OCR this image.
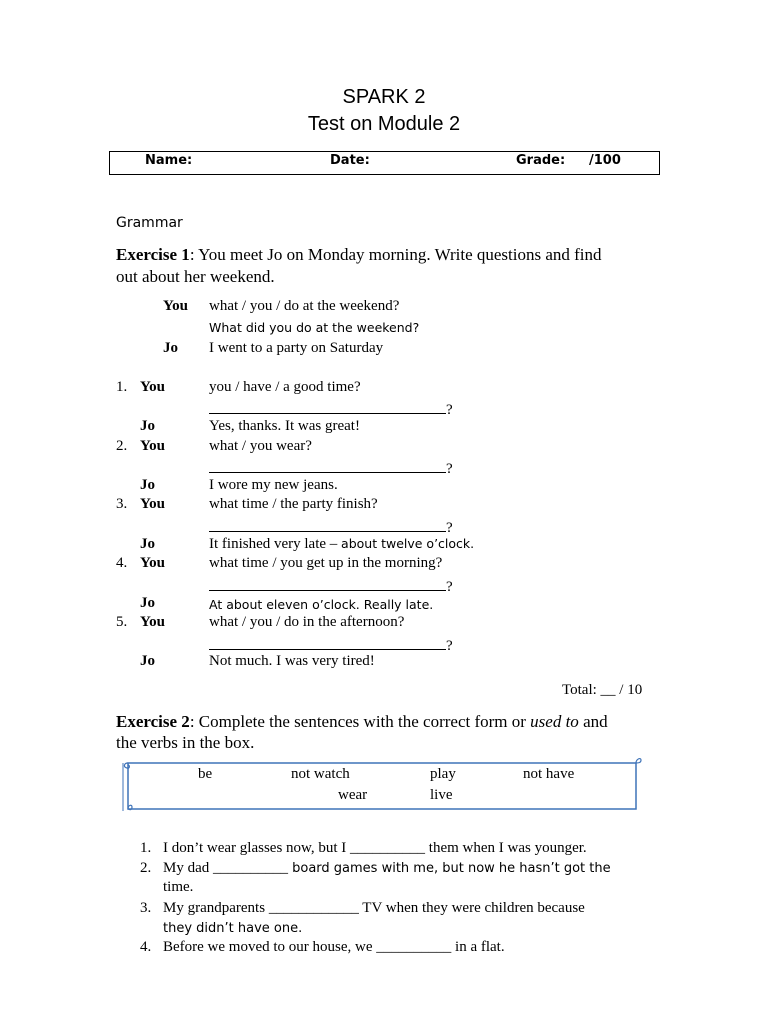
SPARK 2
Test on Module 2
Name:	Date:	Grade: /100
Grammar
Exercise 1: You meet Jo on Monday morning. Write questions and find
out about her weekend.
You what / you / do at the weekend?
What did you do at the weekend?
Jo I went to a party on Saturday
1. You	you / have / a good time?
?
Jo	Yes, thanks. It was great!
2. You	what / you wear?
?
Jo	I wore my new jeans.
3. You	what time / the party finish?
?
Jo	It finished very late – about twelve o’clock.
4. You	what time / you get up in the morning?
?
Jo	At about eleven o’clock. Really late.
5. You	what / you / do in the afternoon?
?
Jo	Not much. I was very tired!
Total: __ / 10
Exercise 2: Complete the sentences with the correct form or used to and
the verbs in the box.
be	not watch	play	not have
wear	live
1. I don’t wear glasses now, but I __________ them when I was younger.
2. My dad __________ board games with me, but now he hasn’t got the
time.
3. My grandparents ____________ TV when they were children because
they didn’t have one.
4. Before we moved to our house, we __________ in a flat.
